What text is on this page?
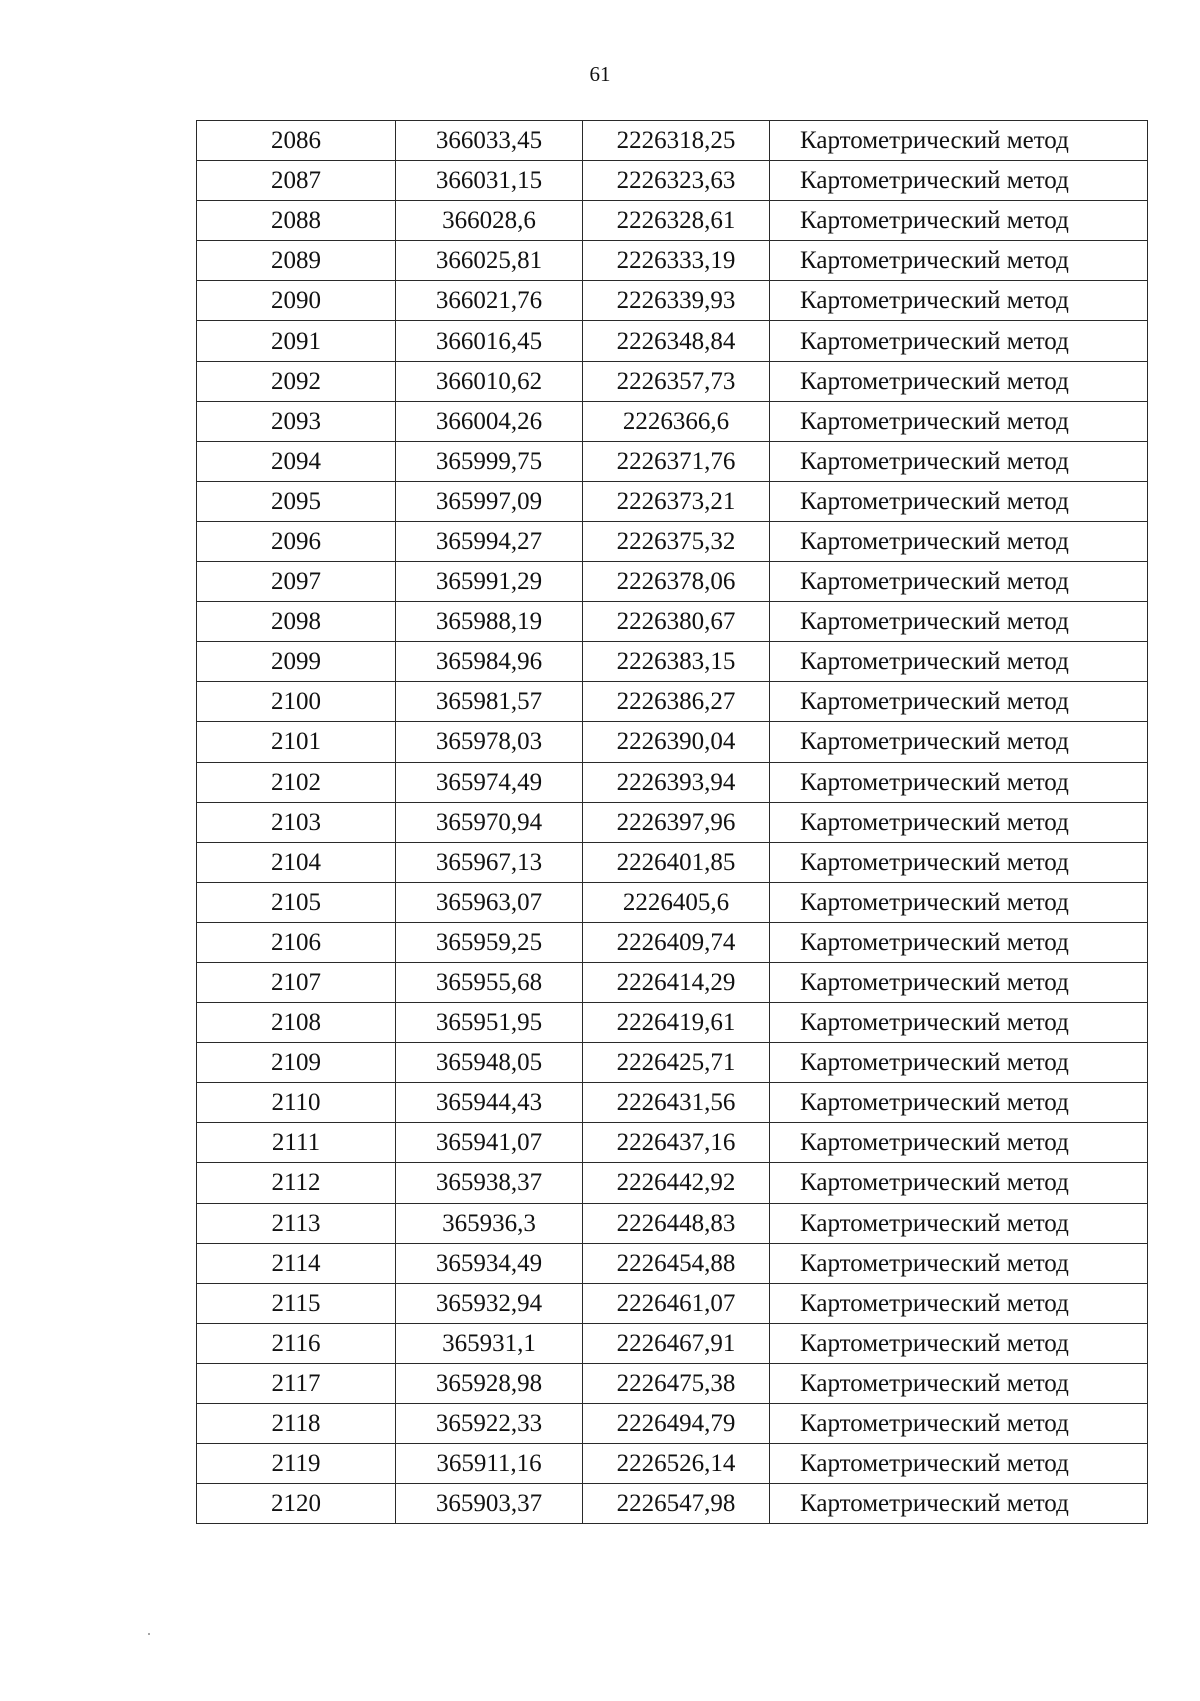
61
2086	366033,45	2226318,25	Картометрический метод
2087	366031,15	2226323,63	Картометрический метод
2088	366028,6	2226328,61	Картометрический метод
2089	366025,81	2226333,19	Картометрический метод
2090	366021,76	2226339,93	Картометрический метод
2091	366016,45	2226348,84	Картометрический метод
2092	366010,62	2226357,73	Картометрический метод
2093	366004,26	2226366,6	Картометрический метод
2094	365999,75	2226371,76	Картометрический метод
2095	365997,09	2226373,21	Картометрический метод
2096	365994,27	2226375,32	Картометрический метод
2097	365991,29	2226378,06	Картометрический метод
2098	365988,19	2226380,67	Картометрический метод
2099	365984,96	2226383,15	Картометрический метод
2100	365981,57	2226386,27	Картометрический метод
2101	365978,03	2226390,04	Картометрический метод
2102	365974,49	2226393,94	Картометрический метод
2103	365970,94	2226397,96	Картометрический метод
2104	365967,13	2226401,85	Картометрический метод
2105	365963,07	2226405,6	Картометрический метод
2106	365959,25	2226409,74	Картометрический метод
2107	365955,68	2226414,29	Картометрический метод
2108	365951,95	2226419,61	Картометрический метод
2109	365948,05	2226425,71	Картометрический метод
2110	365944,43	2226431,56	Картометрический метод
2111	365941,07	2226437,16	Картометрический метод
2112	365938,37	2226442,92	Картометрический метод
2113	365936,3	2226448,83	Картометрический метод
2114	365934,49	2226454,88	Картометрический метод
2115	365932,94	2226461,07	Картометрический метод
2116	365931,1	2226467,91	Картометрический метод
2117	365928,98	2226475,38	Картометрический метод
2118	365922,33	2226494,79	Картометрический метод
2119	365911,16	2226526,14	Картометрический метод
2120	365903,37	2226547,98	Картометрический метод
